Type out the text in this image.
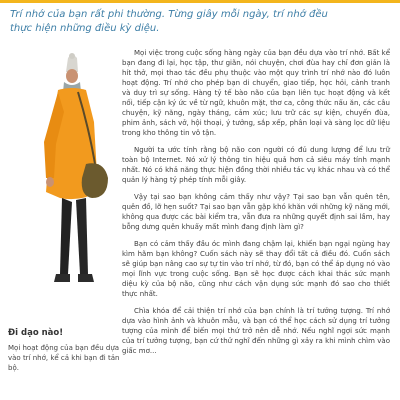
Trí nhớ của bạn rất phi thường. Từng giây mỗi ngày, trí nhớ đều thực hiện những điều kỳ diệu.
Đi dạo nào!
Mọi hoạt động của bạn đều dựa vào trí nhớ, kể cả khi bạn đi tản bộ.

Mọi việc trong cuộc sống hàng ngày của bạn đều dựa vào trí nhớ. Bất kể bạn đang đi lại, học tập, thư giãn, nói chuyện, chơi đùa hay chỉ đơn giản là hít thở, mọi thao tác đều phụ thuộc vào một quy trình trí nhớ nào đó luôn hoạt động. Trí nhớ cho phép bạn di chuyển, giao tiếp, học hỏi, cảnh tranh và duy trì sự sống. Hàng tỷ tế bào não của bạn liên tục hoạt động và kết nối, tiếp cận ký ức về từ ngữ, khuôn mặt, thơ ca, công thức nấu ăn, các câu chuyện, kỹ năng, ngày tháng, cảm xúc; lưu trữ các sự kiện, chuyến đùa, phim ảnh, sách vở, hội thoại, ý tưởng, sắp xếp, phân loại và sàng lọc dữ liệu trong kho thông tin vô tận.

Người ta ước tính rằng bộ não con người có đủ dung lượng để lưu trữ toàn bộ Internet. Nó xử lý thông tin hiệu quả hơn cả siêu máy tính mạnh nhất. Nó có khả năng thực hiện đồng thời nhiều tác vụ khác nhau và có thể quản lý hàng tỷ phép tính mỗi giây.

Vậy tại sao bạn không cảm thấy như vậy? Tại sao bạn vẫn quên tên, quên đồ, lỡ hẹn suốt? Tại sao bạn vẫn gặp khó khăn với những kỹ năng mới, không qua được các bài kiểm tra, vẫn đưa ra những quyết định sai lầm, hay bỗng dưng quên khuấy mất mình đang định làm gì?

Bạn có cảm thấy đầu óc mình đang chậm lại, khiến bạn ngại ngùng hay kìm hãm bạn không? Cuốn sách này sẽ thay đổi tất cả điều đó. Cuốn sách sẽ giúp bạn nâng cao sự tự tin vào trí nhớ, từ đó, bạn có thể áp dụng nó vào mọi lĩnh vực trong cuộc sống. Bạn sẽ học được cách khai thác sức mạnh diệu kỳ của bộ não, cũng như cách vận dụng sức mạnh đó sao cho thiết thực nhất.

Chìa khóa để cải thiện trí nhớ của bạn chính là trí tưởng tượng. Trí nhớ dựa vào hình ảnh và khuôn mẫu, và bạn có thể học cách sử dụng trí tưởng tượng của mình để biến mọi thứ trở nên dễ nhớ. Nếu nghĩ ngợi sức mạnh của trí tưởng tượng, bạn cứ thử nghĩ đến những gì xảy ra khi mình chìm vào giấc mơ...
